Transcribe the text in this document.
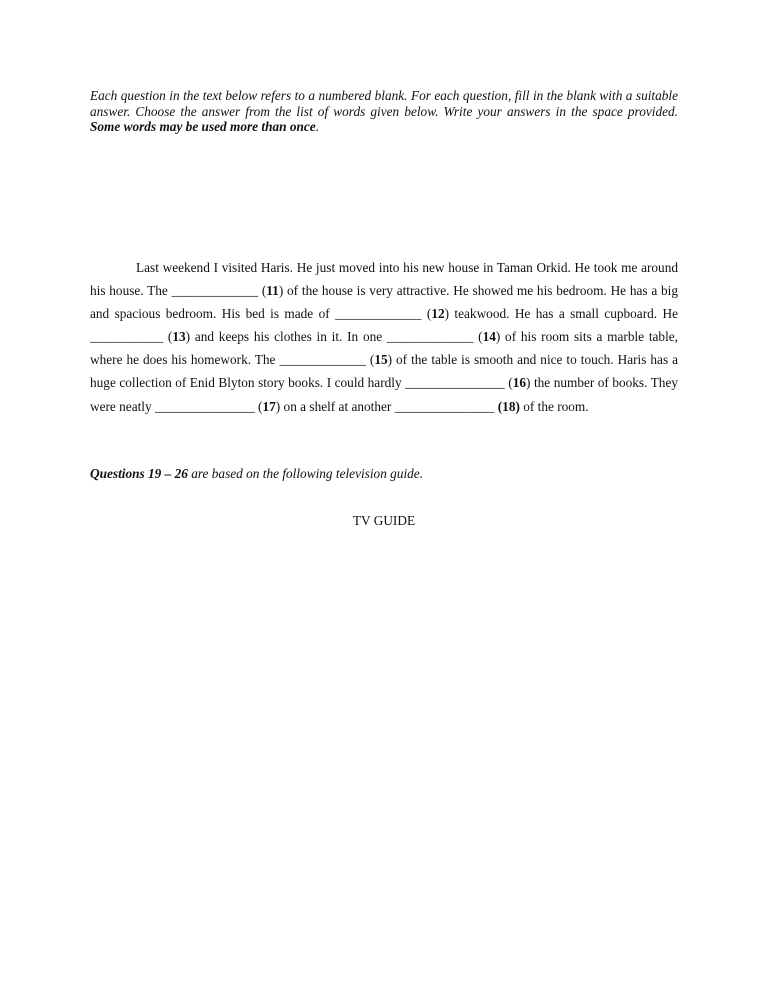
Each question in the text below refers to a numbered blank. For each question, fill in the blank with a suitable answer. Choose the answer from the list of words given below. Write your answers in the space provided. Some words may be used more than once.

Last weekend I visited Haris. He just moved into his new house in Taman Orkid. He took me around his house. The _____________ (11) of the house is very attractive. He showed me his bedroom. He has a big and spacious bedroom. His bed is made of _____________ (12) teakwood. He has a small cupboard. He ___________ (13) and keeps his clothes in it. In one _____________ (14) of his room sits a marble table, where he does his homework. The _____________ (15) of the table is smooth and nice to touch. Haris has a huge collection of Enid Blyton story books. I could hardly _______________ (16) the number of books. They were neatly _______________ (17) on a shelf at another _______________ (18) of the room.

Questions 19 – 26 are based on the following television guide.

TV GUIDE
